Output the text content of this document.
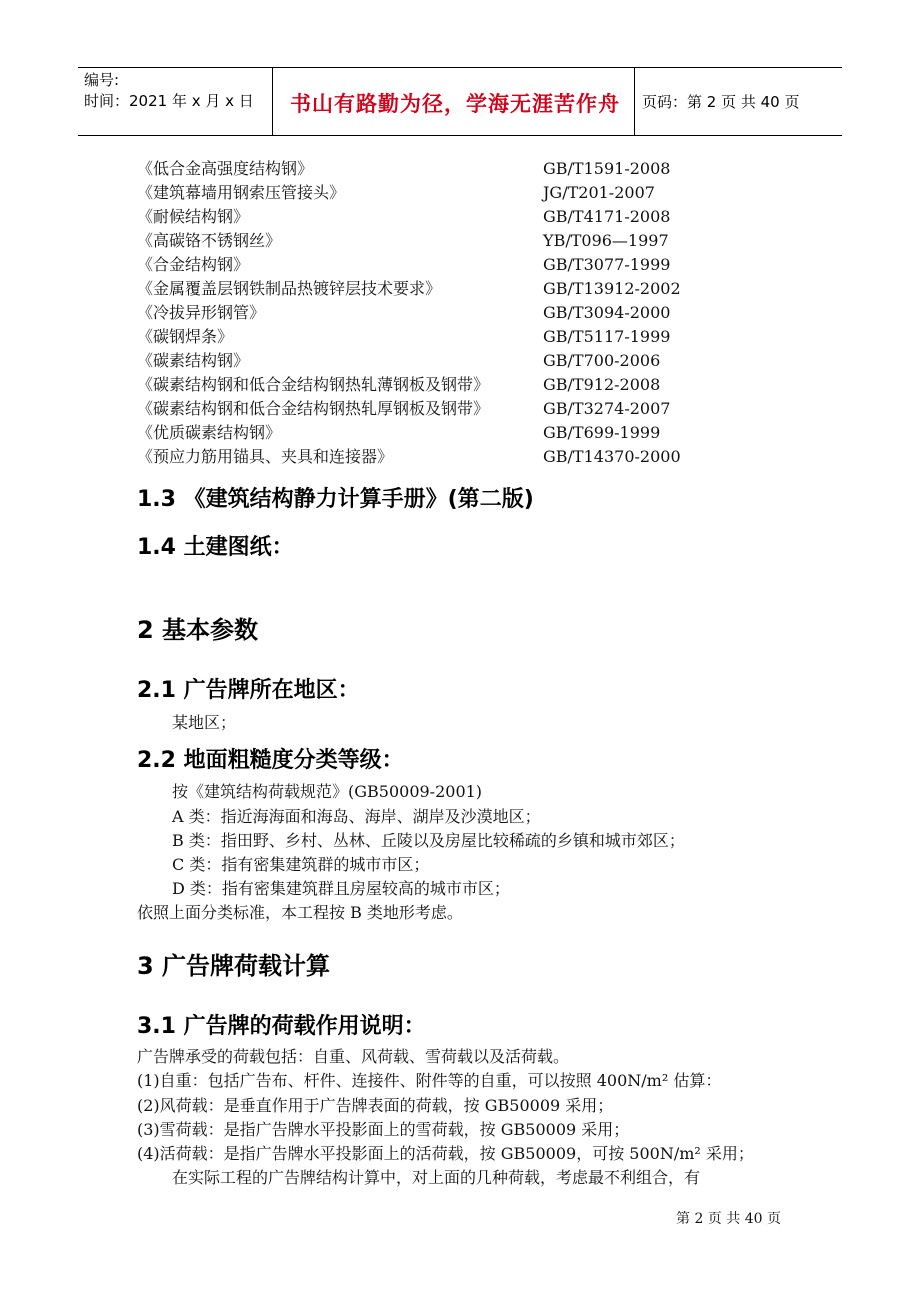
编号:
时间：2021 年 x 月 x 日 书山有路勤为径，学海无涯苦作舟 页码：第 2 页 共 40 页
《低合金高强度结构钢》	GB/T1591-2008
《建筑幕墙用钢索压管接头》	JG/T201-2007
《耐候结构钢》	GB/T4171-2008
《高碳铬不锈钢丝》	YB/T096—1997
《合金结构钢》	GB/T3077-1999
《金属覆盖层钢铁制品热镀锌层技术要求》	GB/T13912-2002
《冷拔异形钢管》	GB/T3094-2000
《碳钢焊条》	GB/T5117-1999
《碳素结构钢》	GB/T700-2006
《碳素结构钢和低合金结构钢热轧薄钢板及钢带》	GB/T912-2008
《碳素结构钢和低合金结构钢热轧厚钢板及钢带》	GB/T3274-2007
《优质碳素结构钢》	GB/T699-1999
《预应力筋用锚具、夹具和连接器》	GB/T14370-2000
1.3 《建筑结构静力计算手册》(第二版)
1.4 土建图纸：
2 基本参数
2.1 广告牌所在地区：
某地区；
2.2 地面粗糙度分类等级：
按《建筑结构荷载规范》(GB50009-2001)
A 类：指近海海面和海岛、海岸、湖岸及沙漠地区；
B 类：指田野、乡村、丛林、丘陵以及房屋比较稀疏的乡镇和城市郊区；
C 类：指有密集建筑群的城市市区；
D 类：指有密集建筑群且房屋较高的城市市区；
依照上面分类标准，本工程按 B 类地形考虑。
3 广告牌荷载计算
3.1 广告牌的荷载作用说明：
广告牌承受的荷载包括：自重、风荷载、雪荷载以及活荷载。
(1)自重：包括广告布、杆件、连接件、附件等的自重，可以按照 400N/m² 估算：
(2)风荷载：是垂直作用于广告牌表面的荷载，按 GB50009 采用；
(3)雪荷载：是指广告牌水平投影面上的雪荷载，按 GB50009 采用；
(4)活荷载：是指广告牌水平投影面上的活荷载，按 GB50009，可按 500N/m² 采用；
在实际工程的广告牌结构计算中，对上面的几种荷载，考虑最不利组合，有
第 2 页 共 40 页
